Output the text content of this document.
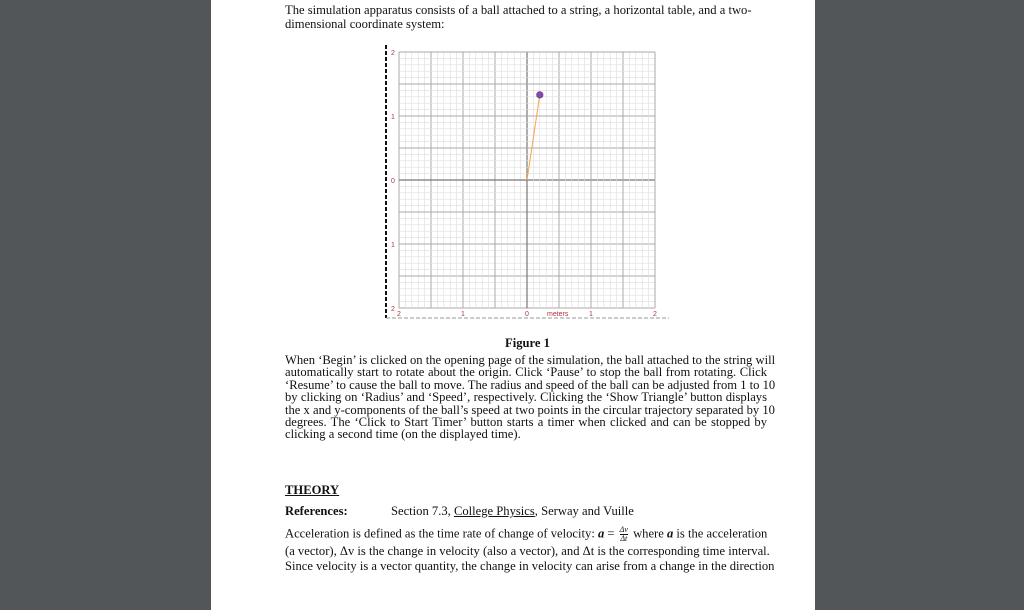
The simulation apparatus consists of a ball attached to a string, a horizontal table, and a two-
dimensional coordinate system:
2
1
0
1
2
2	1	0	1	2
meters
Figure 1
When ‘Begin’ is clicked on the opening page of the simulation, the ball attached to the string will
automatically start to rotate about the origin. Click ‘Pause’ to stop the ball from rotating. Click
‘Resume’ to cause the ball to move. The radius and speed of the ball can be adjusted from 1 to 10
by clicking on ‘Radius’ and ‘Speed’, respectively. Clicking the ‘Show Triangle’ button displays
the x and y-components of the ball’s speed at two points in the circular trajectory separated by 10
degrees. The ‘Click to Start Timer’ button starts a timer when clicked and can be stopped by
clicking a second time (on the displayed time).
THEORY
References:	Section 7.3, College Physics, Serway and Vuille
Acceleration is defined as the time rate of change of velocity: $a = \frac{\Delta v}{\Delta t}$ where a is the acceleration
(a vector), Δv is the change in velocity (also a vector), and Δt is the corresponding time interval.
Since velocity is a vector quantity, the change in velocity can arise from a change in the direction
